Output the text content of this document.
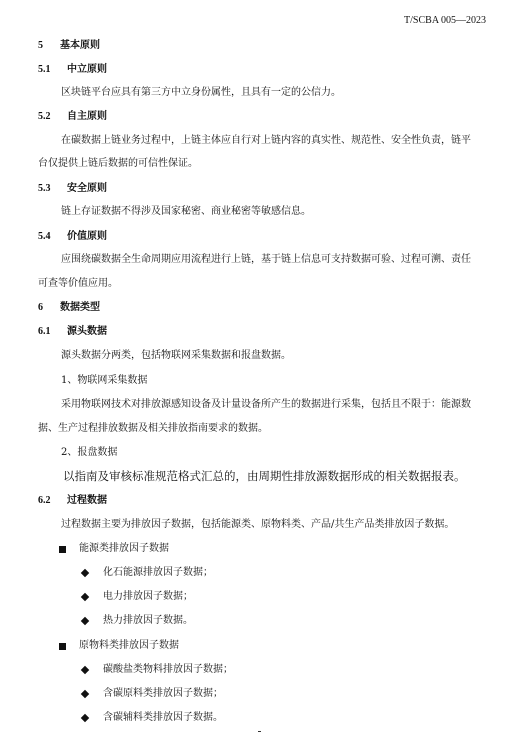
T/SCBA 005—2023
5 基本原则
5.1 中立原则
区块链平台应具有第三方中立身份属性，且具有一定的公信力。
5.2 自主原则
在碳数据上链业务过程中，上链主体应自行对上链内容的真实性、规范性、安全性负责，链平
台仅提供上链后数据的可信性保证。
5.3 安全原则
链上存证数据不得涉及国家秘密、商业秘密等敏感信息。
5.4 价值原则
应围绕碳数据全生命周期应用流程进行上链，基于链上信息可支持数据可验、过程可溯、责任
可查等价值应用。
6 数据类型
6.1 源头数据
源头数据分两类，包括物联网采集数据和报盘数据。
1、物联网采集数据
采用物联网技术对排放源感知设备及计量设备所产生的数据进行采集，包括且不限于：能源数
据、生产过程排放数据及相关排放指南要求的数据。
2、报盘数据
以指南及审核标准规范格式汇总的，由周期性排放源数据形成的相关数据报表。
6.2 过程数据
过程数据主要为排放因子数据，包括能源类、原物料类、产品/共生产品类排放因子数据。
能源类排放因子数据
化石能源排放因子数据；
电力排放因子数据；
热力排放因子数据。
原物料类排放因子数据
碳酸盐类物料排放因子数据；
含碳原料类排放因子数据；
含碳辅料类排放因子数据。
